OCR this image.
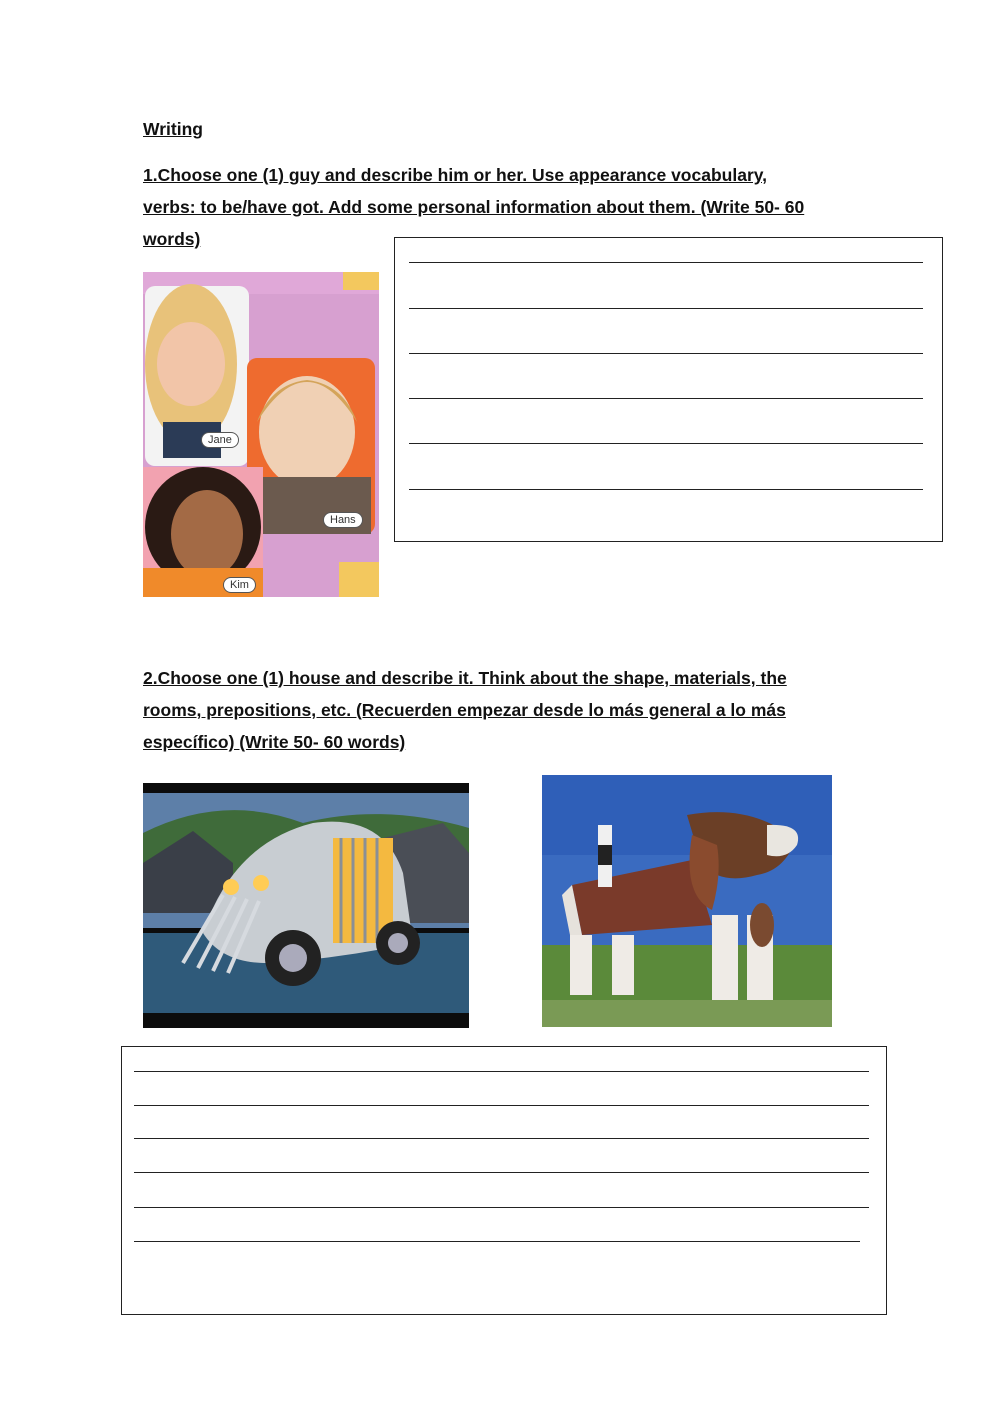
Writing
1.Choose one (1) guy and describe him or her. Use appearance vocabulary,
verbs: to be/have got. Add some personal information about them. (Write 50- 60
words)
Jane
Hans
Kim
2.Choose one (1) house and describe it. Think about the shape, materials, the
rooms, prepositions, etc. (Recuerden empezar desde lo más general a lo más
específico) (Write 50- 60 words)
